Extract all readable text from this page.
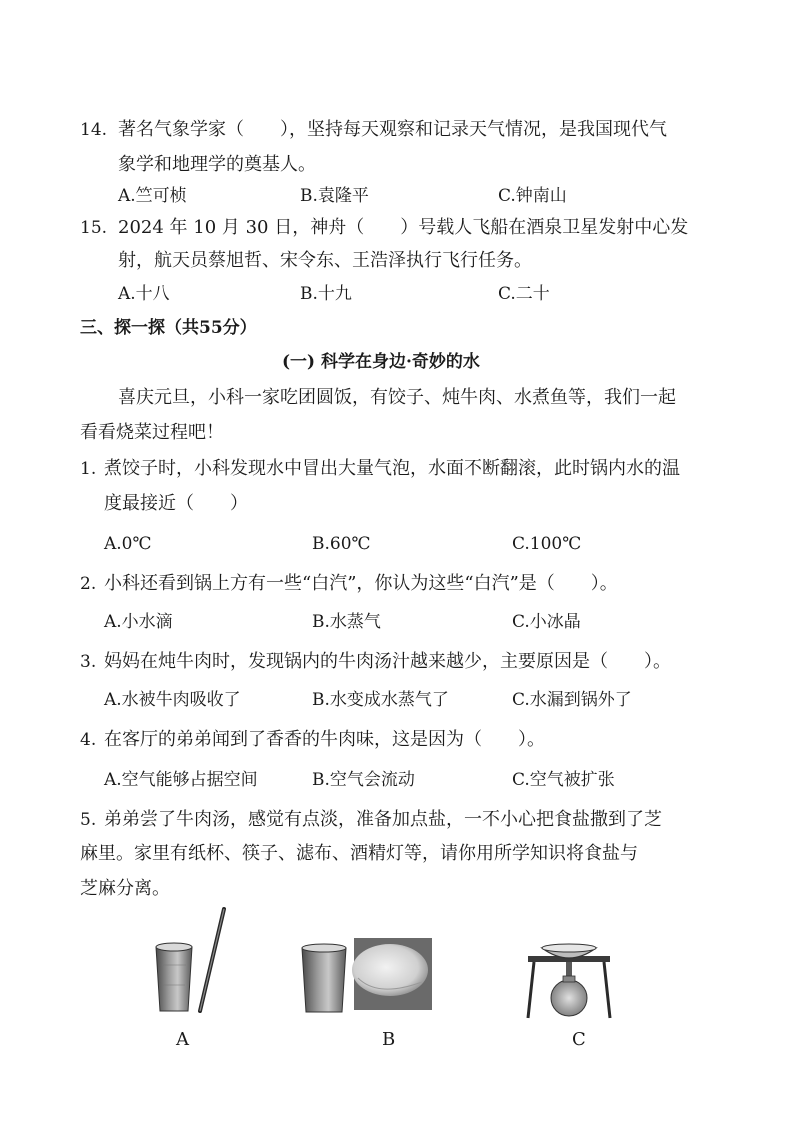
14. 著名气象学家（　　），坚持每天观察和记录天气情况，是我国现代气
象学和地理学的奠基人。
A.竺可桢	B.袁隆平	C.钟南山
15. 2024 年 10 月 30 日，神舟（　　）号载人飞船在酒泉卫星发射中心发
射，航天员蔡旭哲、宋令东、王浩泽执行飞行任务。
A.十八	B.十九	C.二十
三、探一探（共55分）
(一) 科学在身边·奇妙的水
喜庆元旦，小科一家吃团圆饭，有饺子、炖牛肉、水煮鱼等，我们一起
看看烧菜过程吧！
1. 煮饺子时，小科发现水中冒出大量气泡，水面不断翻滚，此时锅内水的温
度最接近（　　）
A.0℃	B.60℃	C.100℃
2. 小科还看到锅上方有一些“白汽”，你认为这些“白汽”是（　　）。
A.小水滴	B.水蒸气	C.小冰晶
3. 妈妈在炖牛肉时，发现锅内的牛肉汤汁越来越少，主要原因是（　　）。
A.水被牛肉吸收了	B.水变成水蒸气了	C.水漏到锅外了
4. 在客厅的弟弟闻到了香香的牛肉味，这是因为（　　）。
A.空气能够占据空间	B.空气会流动	C.空气被扩张
5. 弟弟尝了牛肉汤，感觉有点淡，准备加点盐，一不小心把食盐撒到了芝
麻里。家里有纸杯、筷子、滤布、酒精灯等，请你用所学知识将食盐与
芝麻分离。
A	B	C
